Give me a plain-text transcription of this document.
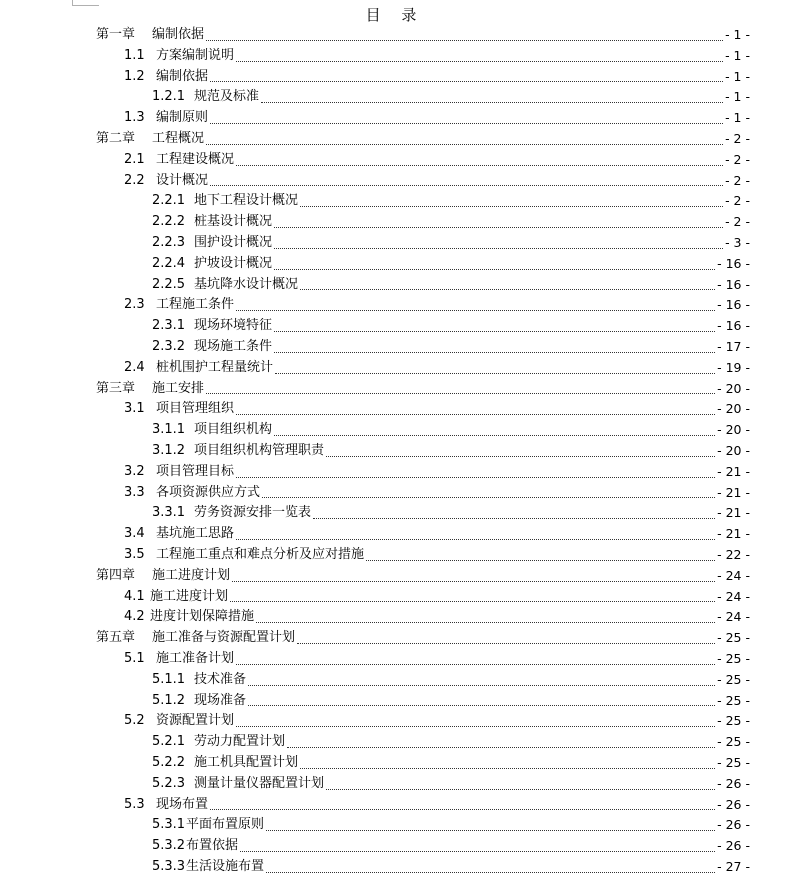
目 录
第一章	编制依据	- 1 -
1.1 方案编制说明	- 1 -
1.2 编制依据	- 1 -
1.2.1 规范及标准	- 1 -
1.3 编制原则	- 1 -
第二章	工程概况	- 2 -
2.1 工程建设概况	- 2 -
2.2 设计概况	- 2 -
2.2.1 地下工程设计概况	- 2 -
2.2.2 桩基设计概况	- 2 -
2.2.3 围护设计概况	- 3 -
2.2.4 护坡设计概况	- 16 -
2.2.5 基坑降水设计概况	- 16 -
2.3 工程施工条件	- 16 -
2.3.1 现场环境特征	- 16 -
2.3.2 现场施工条件	- 17 -
2.4 桩机围护工程量统计	- 19 -
第三章	施工安排	- 20 -
3.1 项目管理组织	- 20 -
3.1.1 项目组织机构	- 20 -
3.1.2 项目组织机构管理职责	- 20 -
3.2 项目管理目标	- 21 -
3.3 各项资源供应方式	- 21 -
3.3.1 劳务资源安排一览表	- 21 -
3.4 基坑施工思路	- 21 -
3.5 工程施工重点和难点分析及应对措施	- 22 -
第四章	施工进度计划	- 24 -
4.1 施工进度计划	- 24 -
4.2 进度计划保障措施	- 24 -
第五章	施工准备与资源配置计划	- 25 -
5.1 施工准备计划	- 25 -
5.1.1 技术准备	- 25 -
5.1.2 现场准备	- 25 -
5.2 资源配置计划	- 25 -
5.2.1 劳动力配置计划	- 25 -
5.2.2 施工机具配置计划	- 25 -
5.2.3 测量计量仪器配置计划	- 26 -
5.3 现场布置	- 26 -
5.3.1 平面布置原则	- 26 -
5.3.2 布置依据	- 26 -
5.3.3 生活设施布置	- 27 -
